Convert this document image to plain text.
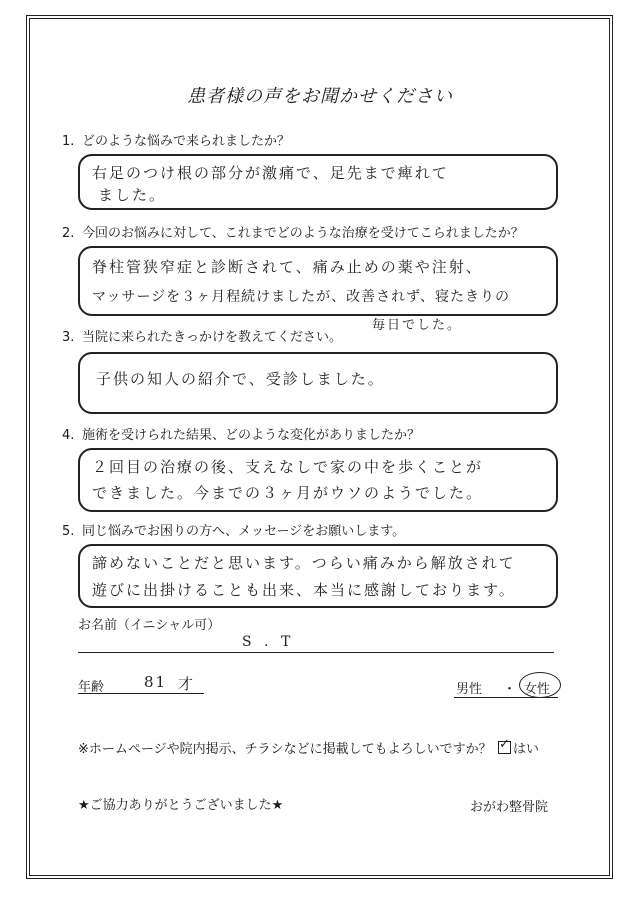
患者様の声をお聞かせください
1. どのような悩みで来られましたか？
右足のつけ根の部分が激痛で、足先まで痺れて
ました。
2. 今回のお悩みに対して、これまでどのような治療を受けてこられましたか？
脊柱管狭窄症と診断されて、痛み止めの薬や注射、
マッサージを３ヶ月程続けましたが、改善されず、寝たきりの
毎日でした。
3. 当院に来られたきっかけを教えてください。
子供の知人の紹介で、受診しました。
4. 施術を受けられた結果、どのような変化がありましたか？
２回目の治療の後、支えなしで家の中を歩くことが
できました。今までの３ヶ月がウソのようでした。
5. 同じ悩みでお困りの方へ、メッセージをお願いします。
諦めないことだと思います。つらい痛みから解放されて
遊びに出掛けることも出来、本当に感謝しております。
お名前（イニシャル可）
S . T
年齢	81 才	男性 ・ 女性
※ホームページや院内掲示、チラシなどに掲載してもよろしいですか？
✓	はい
★ご協力ありがとうございました★	おがわ整骨院
